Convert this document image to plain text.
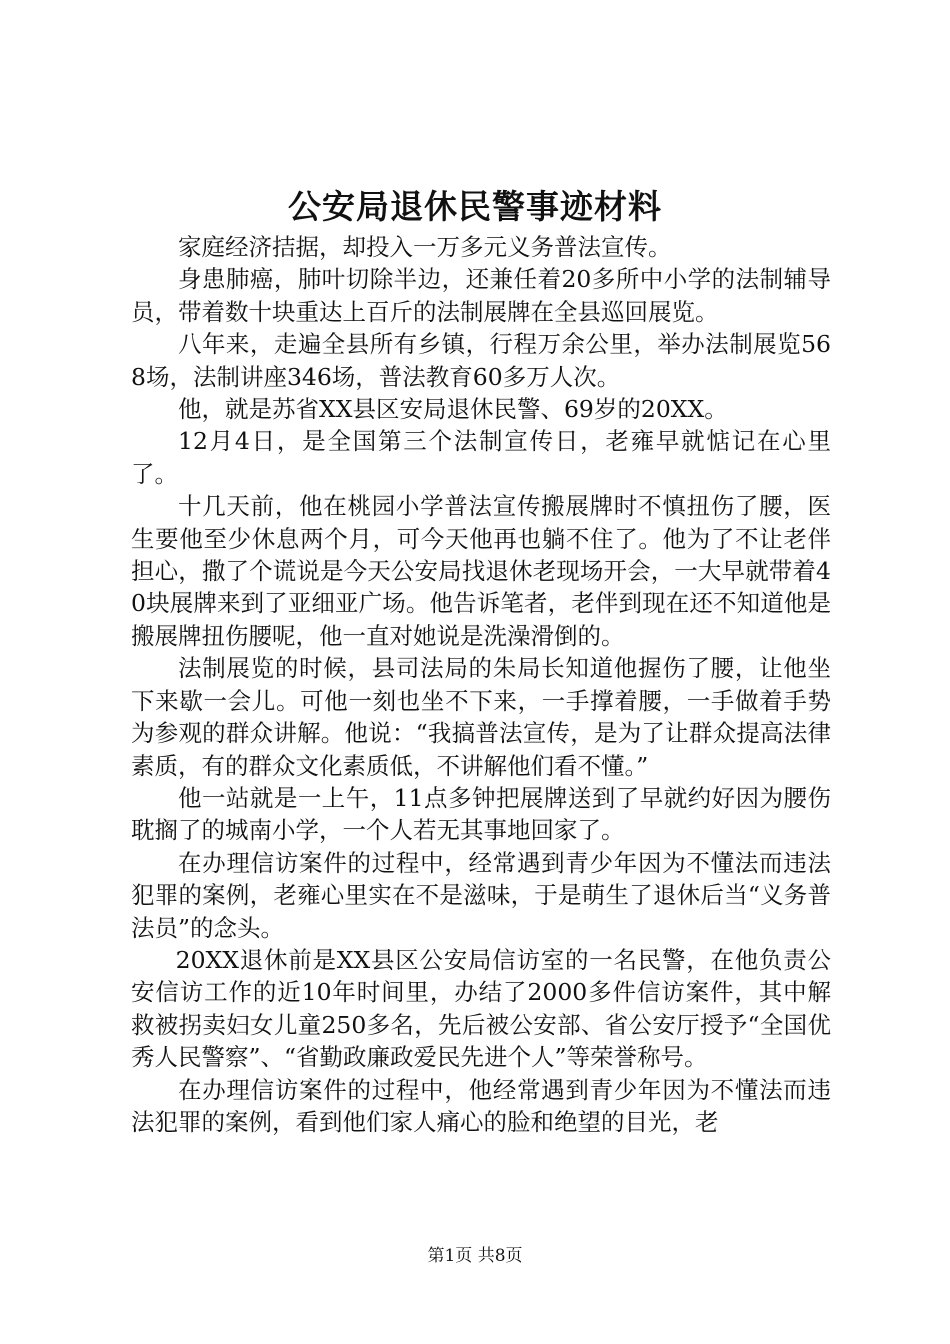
公安局退休民警事迹材料

家庭经济拮据，却投入一万多元义务普法宣传。

身患肺癌，肺叶切除半边，还兼任着20多所中小学的法制辅导员，带着数十块重达上百斤的法制展牌在全县巡回展览。

八年来，走遍全县所有乡镇，行程万余公里，举办法制展览568场，法制讲座346场，普法教育60多万人次。

他，就是苏省XX县区安局退休民警、69岁的20XX。

12月4日，是全国第三个法制宣传日，老雍早就惦记在心里了。

十几天前，他在桃园小学普法宣传搬展牌时不慎扭伤了腰，医生要他至少休息两个月，可今天他再也躺不住了。他为了不让老伴担心，撒了个谎说是今天公安局找退休老现场开会，一大早就带着40块展牌来到了亚细亚广场。他告诉笔者，老伴到现在还不知道他是搬展牌扭伤腰呢，他一直对她说是洗澡滑倒的。

法制展览的时候，县司法局的朱局长知道他握伤了腰，让他坐下来歇一会儿。可他一刻也坐不下来，一手撑着腰，一手做着手势为参观的群众讲解。他说：“我搞普法宣传，是为了让群众提高法律素质，有的群众文化素质低，不讲解他们看不懂。”

他一站就是一上午，11点多钟把展牌送到了早就约好因为腰伤耽搁了的城南小学，一个人若无其事地回家了。

在办理信访案件的过程中，经常遇到青少年因为不懂法而违法犯罪的案例，老雍心里实在不是滋味，于是萌生了退休后当“义务普法员”的念头。

20XX退休前是XX县区公安局信访室的一名民警，在他负责公安信访工作的近10年时间里，办结了2000多件信访案件，其中解救被拐卖妇女儿童250多名，先后被公安部、省公安厅授予“全国优秀人民警察”、“省勤政廉政爱民先进个人”等荣誉称号。

在办理信访案件的过程中，他经常遇到青少年因为不懂法而违法犯罪的案例，看到他们家人痛心的脸和绝望的目光，老

第1页 共8页
